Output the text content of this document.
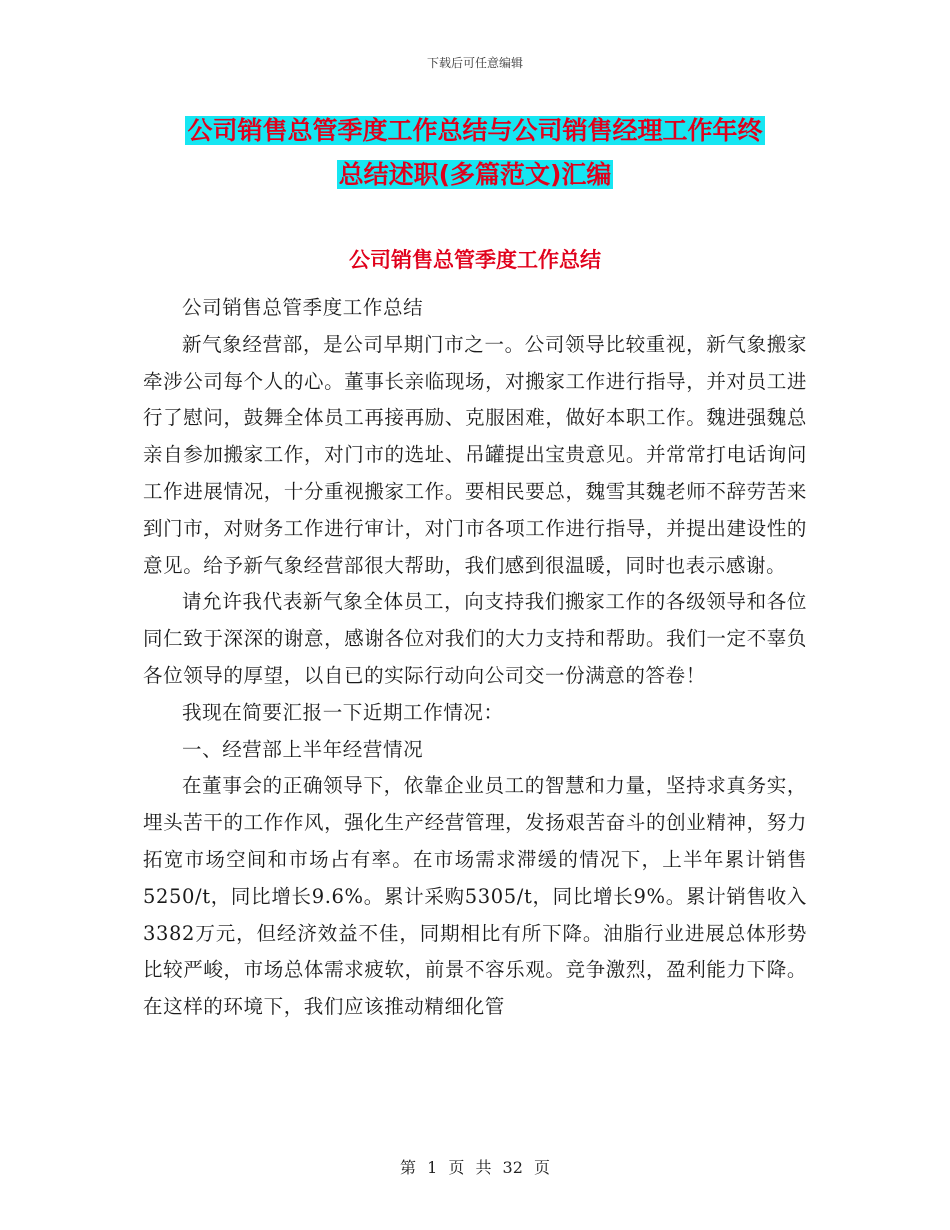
下载后可任意编辑
公司销售总管季度工作总结与公司销售经理工作年终
总结述职(多篇范文)汇编
公司销售总管季度工作总结

公司销售总管季度工作总结

新气象经营部，是公司早期门市之一。公司领导比较重视，新气象搬家牵涉公司每个人的心。董事长亲临现场，对搬家工作进行指导，并对员工进行了慰问，鼓舞全体员工再接再励、克服困难，做好本职工作。魏进强魏总亲自参加搬家工作，对门市的选址、吊罐提出宝贵意见。并常常打电话询问工作进展情况，十分重视搬家工作。要相民要总，魏雪其魏老师不辞劳苦来到门市，对财务工作进行审计，对门市各项工作进行指导，并提出建设性的意见。给予新气象经营部很大帮助，我们感到很温暖，同时也表示感谢。

请允许我代表新气象全体员工，向支持我们搬家工作的各级领导和各位同仁致于深深的谢意，感谢各位对我们的大力支持和帮助。我们一定不辜负各位领导的厚望，以自已的实际行动向公司交一份满意的答卷！

我现在简要汇报一下近期工作情况：

一、经营部上半年经营情况

在董事会的正确领导下，依靠企业员工的智慧和力量，坚持求真务实，埋头苦干的工作作风，强化生产经营管理，发扬艰苦奋斗的创业精神，努力拓宽市场空间和市场占有率。在市场需求滞缓的情况下，上半年累计销售5250/t，同比增长9.6%。累计采购5305/t，同比增长9%。累计销售收入3382万元，但经济效益不佳，同期相比有所下降。油脂行业进展总体形势比较严峻，市场总体需求疲软，前景不容乐观。竞争激烈，盈利能力下降。在这样的环境下，我们应该推动精细化管

第 1 页 共 32 页
